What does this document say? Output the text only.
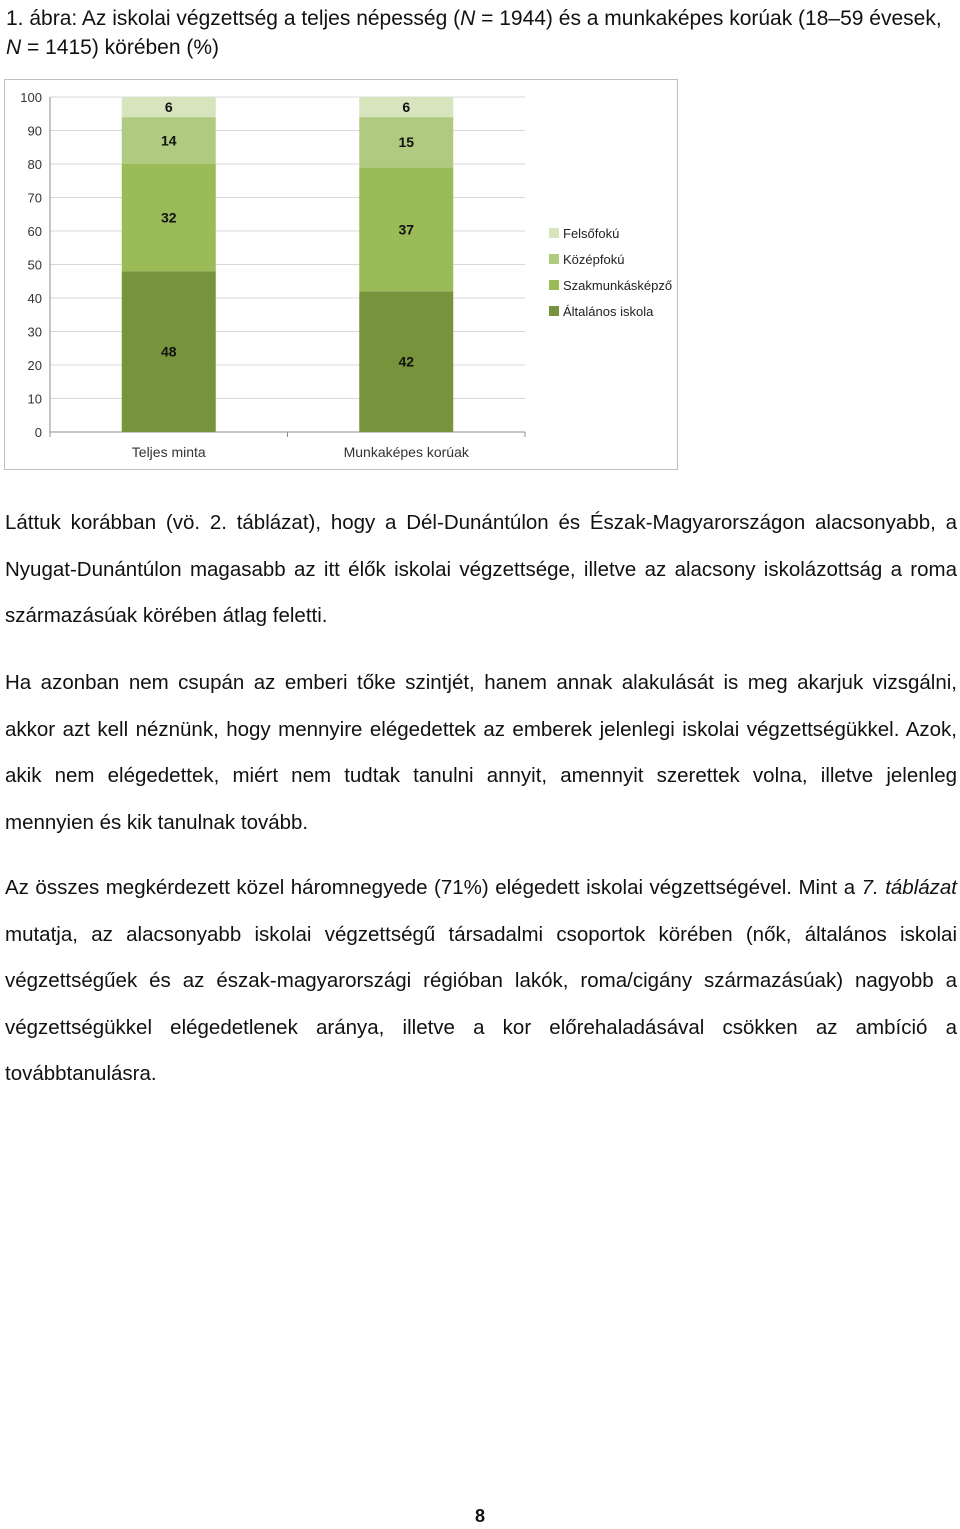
1. ábra: Az iskolai végzettség a teljes népesség (N = 1944) és a munkaképes korúak (18–59 évesek, N = 1415) körében (%)
0
10
20
30
40
50
60
70
80
90
100
48
32
14
6
Teljes minta
42
37
15
6
Munkaképes korúak
Felsőfokú
Középfokú
Szakmunkásképző
Általános iskola
Láttuk korábban (vö. 2. táblázat), hogy a Dél-Dunántúlon és Észak-Magyarországon alacsonyabb, a Nyugat-Dunántúlon magasabb az itt élők iskolai végzettsége, illetve az alacsony iskolázottság a roma származásúak körében átlag feletti.
Ha azonban nem csupán az emberi tőke szintjét, hanem annak alakulását is meg akarjuk vizsgálni, akkor azt kell néznünk, hogy mennyire elégedettek az emberek jelenlegi iskolai végzettségükkel. Azok, akik nem elégedettek, miért nem tudtak tanulni annyit, amennyit szerettek volna, illetve jelenleg mennyien és kik tanulnak tovább.
Az összes megkérdezett közel háromnegyede (71%) elégedett iskolai végzettségével. Mint a 7. táblázat mutatja, az alacsonyabb iskolai végzettségű társadalmi csoportok körében (nők, általános iskolai végzettségűek és az észak-magyarországi régióban lakók, roma/cigány származásúak) nagyobb a végzettségükkel elégedetlenek aránya, illetve a kor előrehaladásával csökken az ambíció a továbbtanulásra.
8
